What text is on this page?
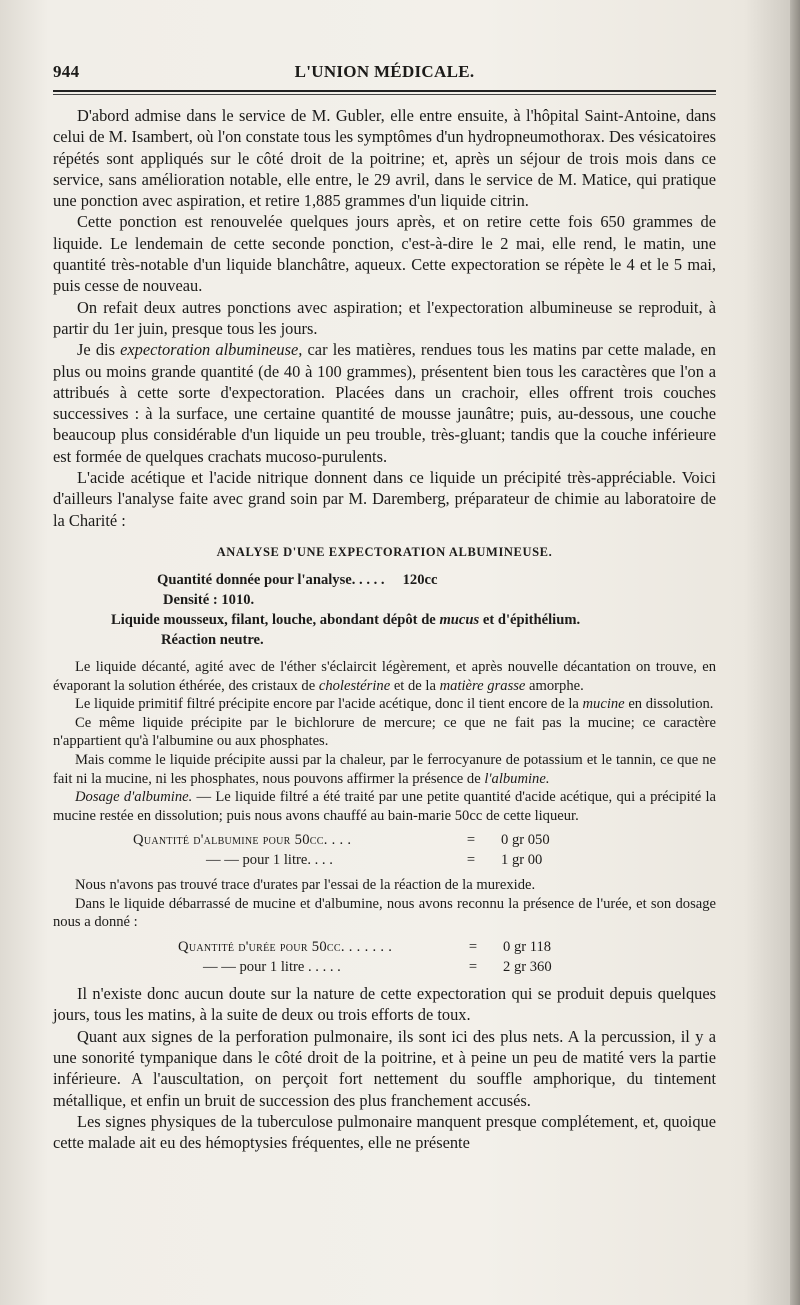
944	L'UNION MÉDICALE.

D'abord admise dans le service de M. Gubler, elle entre ensuite, à l'hôpital Saint-Antoine, dans celui de M. Isambert, où l'on constate tous les symptômes d'un hydropneumothorax. Des vésicatoires répétés sont appliqués sur le côté droit de la poitrine; et, après un séjour de trois mois dans ce service, sans amélioration notable, elle entre, le 29 avril, dans le service de M. Matice, qui pratique une ponction avec aspiration, et retire 1,885 grammes d'un liquide citrin.

Cette ponction est renouvelée quelques jours après, et on retire cette fois 650 grammes de liquide. Le lendemain de cette seconde ponction, c'est-à-dire le 2 mai, elle rend, le matin, une quantité très-notable d'un liquide blanchâtre, aqueux. Cette expectoration se répète le 4 et le 5 mai, puis cesse de nouveau.

On refait deux autres ponctions avec aspiration; et l'expectoration albumineuse se reproduit, à partir du 1er juin, presque tous les jours.

Je dis expectoration albumineuse, car les matières, rendues tous les matins par cette malade, en plus ou moins grande quantité (de 40 à 100 grammes), présentent bien tous les caractères que l'on a attribués à cette sorte d'expectoration. Placées dans un crachoir, elles offrent trois couches successives : à la surface, une certaine quantité de mousse jaunâtre; puis, au-dessous, une couche beaucoup plus considérable d'un liquide un peu trouble, très-gluant; tandis que la couche inférieure est formée de quelques crachats mucoso-purulents.

L'acide acétique et l'acide nitrique donnent dans ce liquide un précipité très-appréciable. Voici d'ailleurs l'analyse faite avec grand soin par M. Daremberg, préparateur de chimie au laboratoire de la Charité :

ANALYSE D'UNE EXPECTORATION ALBUMINEUSE.
Quantité donnée pour l'analyse. . . . . 120cc
Densité : 1010.
Liquide mousseux, filant, louche, abondant dépôt de mucus et d'épithélium.
Réaction neutre.

Le liquide décanté, agité avec de l'éther s'éclaircit légèrement, et après nouvelle décantation on trouve, en évaporant la solution éthérée, des cristaux de cholestérine et de la matière grasse amorphe.

Le liquide primitif filtré précipite encore par l'acide acétique, donc il tient encore de la mucine en dissolution.

Ce même liquide précipite par le bichlorure de mercure; ce que ne fait pas la mucine; ce caractère n'appartient qu'à l'albumine ou aux phosphates.

Mais comme le liquide précipite aussi par la chaleur, par le ferrocyanure de potassium et le tannin, ce que ne fait ni la mucine, ni les phosphates, nous pouvons affirmer la présence de l'albumine.

Dosage d'albumine. — Le liquide filtré a été traité par une petite quantité d'acide acétique, qui a précipité la mucine restée en dissolution; puis nous avons chauffé au bain-marie 50cc de cette liqueur.

Quantité d'albumine pour 50cc. . . .	=	0 gr 050
— — pour 1 litre. . . .	=	1 gr 00

Nous n'avons pas trouvé trace d'urates par l'essai de la réaction de la murexide.

Dans le liquide débarrassé de mucine et d'albumine, nous avons reconnu la présence de l'urée, et son dosage nous a donné :

Quantité d'urée pour 50cc. . . . . . .	=	0 gr 118
— — pour 1 litre . . . . .	=	2 gr 360

Il n'existe donc aucun doute sur la nature de cette expectoration qui se produit depuis quelques jours, tous les matins, à la suite de deux ou trois efforts de toux.

Quant aux signes de la perforation pulmonaire, ils sont ici des plus nets. A la percussion, il y a une sonorité tympanique dans le côté droit de la poitrine, et à peine un peu de matité vers la partie inférieure. A l'auscultation, on perçoit fort nettement du souffle amphorique, du tintement métallique, et enfin un bruit de succession des plus franchement accusés.

Les signes physiques de la tuberculose pulmonaire manquent presque complétement, et, quoique cette malade ait eu des hémoptysies fréquentes, elle ne présente
